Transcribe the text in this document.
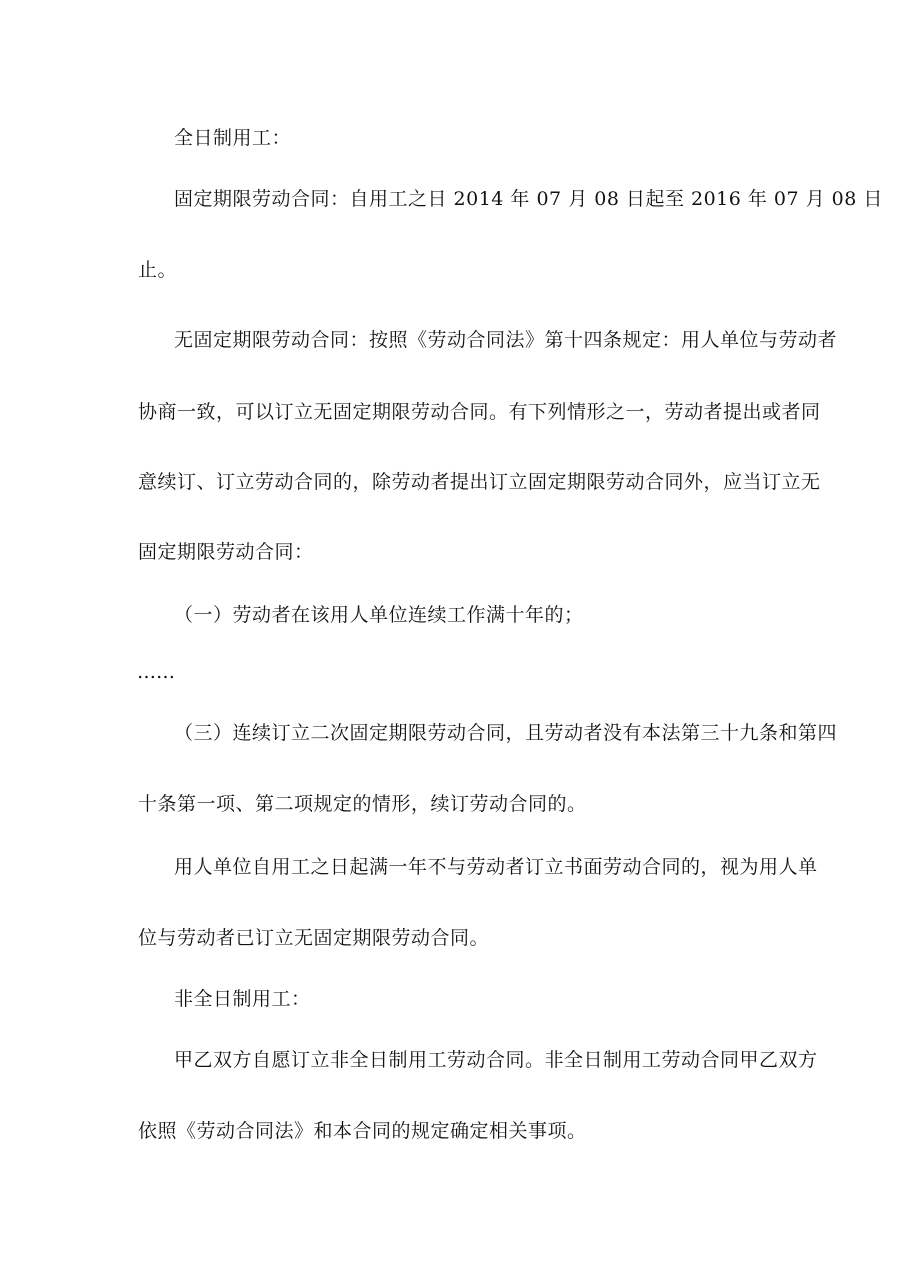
全日制用工：
固定期限劳动合同：自用工之日 2014 年 07 月 08 日起至 2016 年 07 月 08 日
止。
无固定期限劳动合同：按照《劳动合同法》第十四条规定：用人单位与劳动者
协商一致，可以订立无固定期限劳动合同。有下列情形之一，劳动者提出或者同
意续订、订立劳动合同的，除劳动者提出订立固定期限劳动合同外，应当订立无
固定期限劳动合同：
（一）劳动者在该用人单位连续工作满十年的；
……
（三）连续订立二次固定期限劳动合同，且劳动者没有本法第三十九条和第四
十条第一项、第二项规定的情形，续订劳动合同的。
用人单位自用工之日起满一年不与劳动者订立书面劳动合同的，视为用人单
位与劳动者已订立无固定期限劳动合同。
非全日制用工：
甲乙双方自愿订立非全日制用工劳动合同。非全日制用工劳动合同甲乙双方
依照《劳动合同法》和本合同的规定确定相关事项。
